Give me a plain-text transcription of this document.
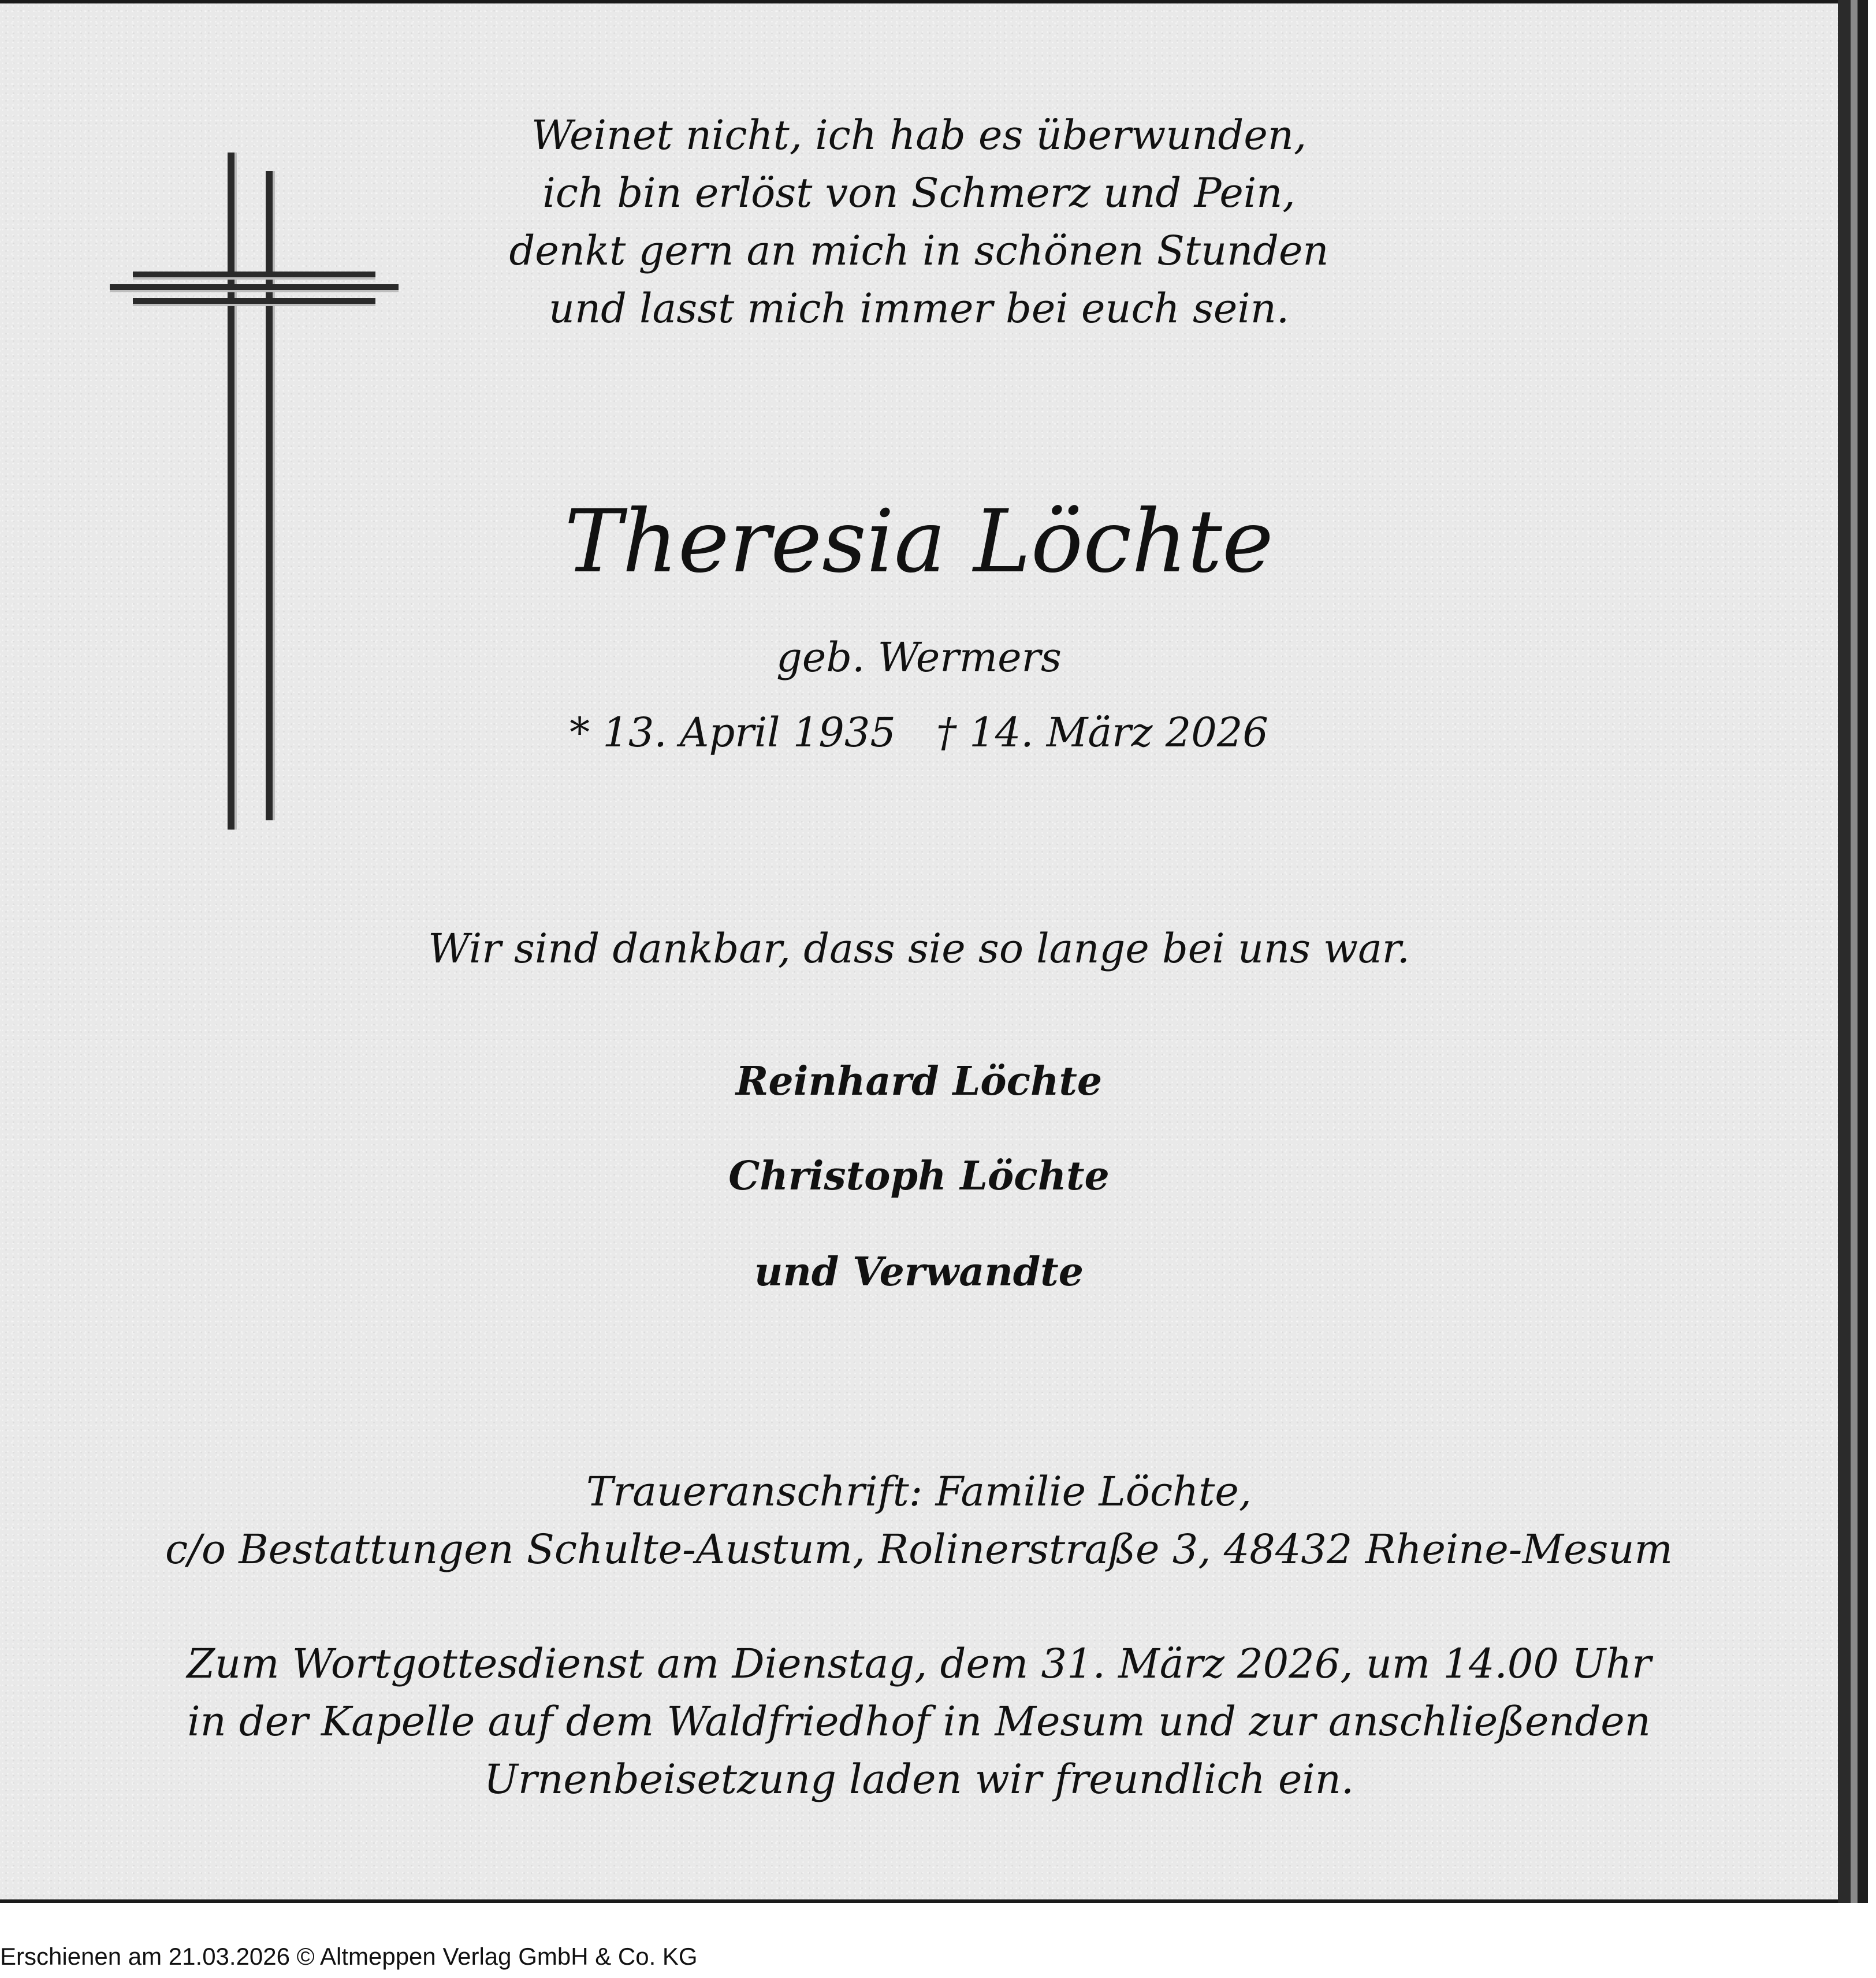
Weinet nicht, ich hab es überwunden,
ich bin erlöst von Schmerz und Pein,
denkt gern an mich in schönen Stunden
und lasst mich immer bei euch sein.

Theresia Löchte

geb. Wermers

* 13. April 1935 † 14. März 2026

Wir sind dankbar, dass sie so lange bei uns war.

Reinhard Löchte

Christoph Löchte

und Verwandte

Traueranschrift: Familie Löchte,
c/o Bestattungen Schulte-Austum, Rolinerstraße 3, 48432 Rheine-Mesum
Zum Wortgottesdienst am Dienstag, dem 31. März 2026, um 14.00 Uhr
in der Kapelle auf dem Waldfriedhof in Mesum und zur anschließenden
Urnenbeisetzung laden wir freundlich ein.
Erschienen am 21.03.2026 © Altmeppen Verlag GmbH & Co. KG
